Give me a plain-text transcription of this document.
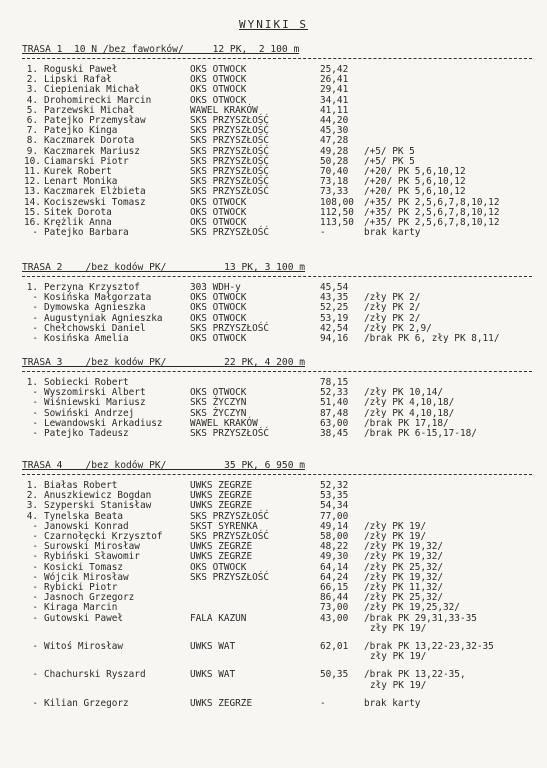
WYNIKI S
TRASA 1  10 N /bez faworków/     12 PK,  2 100 m
1. Roguski Paweł	OKS OTWOCK	25,42
2. Lipski Rafał	OKS OTWOCK	26,41
3. Ciepieniak Michał	OKS OTWOCK	29,41
4. Drohomirecki Marcin	OKS OTWOCK	34,41
5. Parzewski Michał	WAWEL KRAKÓW	41,11
6. Patejko Przemysław	SKS PRZYSZŁOŚĆ	44,20
7. Patejko Kinga	SKS PRZYSZŁOŚĆ	45,30
8. Kaczmarek Dorota	SKS PRZYSZŁOŚĆ	47,28
9. Kaczmarek Mariusz	SKS PRZYSZŁOŚĆ	49,28 /+5/ PK 5
10. Ciamarski Piotr	SKS PRZYSZŁOŚĆ	50,28 /+5/ PK 5
11. Kurek Robert	SKS PRZYSZŁOŚĆ	70,40 /+20/ PK 5,6,10,12
12. Lenart Monika	SKS PRZYSZŁOŚĆ	73,18 /+20/ PK 5,6,10,12
13. Kaczmarek Elżbieta	SKS PRZYSZŁOŚĆ	73,33 /+20/ PK 5,6,10,12
14. Kociszewski Tomasz	OKS OTWOCK	108,00 /+35/ PK 2,5,6,7,8,10,12
15. Sitek Dorota	OKS OTWOCK	112,50 /+35/ PK 2,5,6,7,8,10,12
16. Krężlik Anna	OKS OTWOCK	113,50 /+35/ PK 2,5,6,7,8,10,12
- Patejko Barbara	SKS PRZYSZŁOŚĆ	-	brak karty
TRASA 2    /bez kodów PK/          13 PK, 3 100 m
1. Perzyna Krzysztof	303 WDH-y	45,54
- Kosińska Małgorzata	OKS OTWOCK	43,35 /zły PK 2/
- Dymowska Agnieszka	OKS OTWOCK	52,25 /zły PK 2/
- Augustyniak Agnieszka	OKS OTWOCK	53,19 /zły PK 2/
- Chełchowski Daniel	SKS PRZYSZŁOŚĆ	42,54 /zły PK 2,9/
- Kosińska Amelia	OKS OTWOCK	94,16 /brak PK 6, zły PK 8,11/
TRASA 3    /bez kodów PK/          22 PK, 4 200 m
1. Sobiecki Robert	78,15
- Wyszomirski Albert	OKS OTWOCK	52,33 /zły PK 10,14/
- Wiśniewski Mariusz	SKS ŻYCZYN	51,40 /zły PK 4,10,18/
- Sowiński Andrzej	SKS ŻYCZYN	87,48 /zły PK 4,10,18/
- Lewandowski Arkadiusz	WAWEL KRAKÓW	63,00 /brak PK 17,18/
- Patejko Tadeusz	SKS PRZYSZŁOŚĆ	38,45 /brak PK 6-15,17-18/
TRASA 4    /bez kodów PK/          35 PK, 6 950 m
1. Białas Robert	UWKS ZEGRZE	52,32
2. Anuszkiewicz Bogdan	UWKS ZEGRZE	53,35
3. Szyperski Stanisław	UWKS ZEGRZE	54,34
4. Tynelska Beata	SKS PRZYSZŁOŚĆ	77,00
- Janowski Konrad	SKST SYRENKA	49,14 /zły PK 19/
- Czarnołęcki Krzysztof	SKS PRZYSZŁOŚĆ	58,00 /zły PK 19/
- Surowski Mirosław	UWKS ZEGRZE	48,22 /zły PK 19,32/
- Rybiński Sławomir	UWKS ZEGRZE	49,30 /zły PK 19,32/
- Kosicki Tomasz	OKS OTWOCK	64,14 /zły PK 25,32/
- Wójcik Mirosław	SKS PRZYSZŁOŚĆ	64,24 /zły PK 19,32/
- Rybicki Piotr	66,15 /zły PK 11,32/
- Jasnoch Grzegorz	86,44 /zły PK 25,32/
- Kiraga Marcin	73,00 /zły PK 19,25,32/
- Gutowski Paweł	FALA KAZUN	43,00 /brak PK 29,31,33-35
zły PK 19/
- Witoś Mirosław	UWKS WAT	62,01 /brak PK 13,22-23,32-35
zły PK 19/
- Chachurski Ryszard	UWKS WAT	50,35 /brak PK 13,22-35,
zły PK 19/
- Kilian Grzegorz	UWKS ZEGRZE	-	brak karty
